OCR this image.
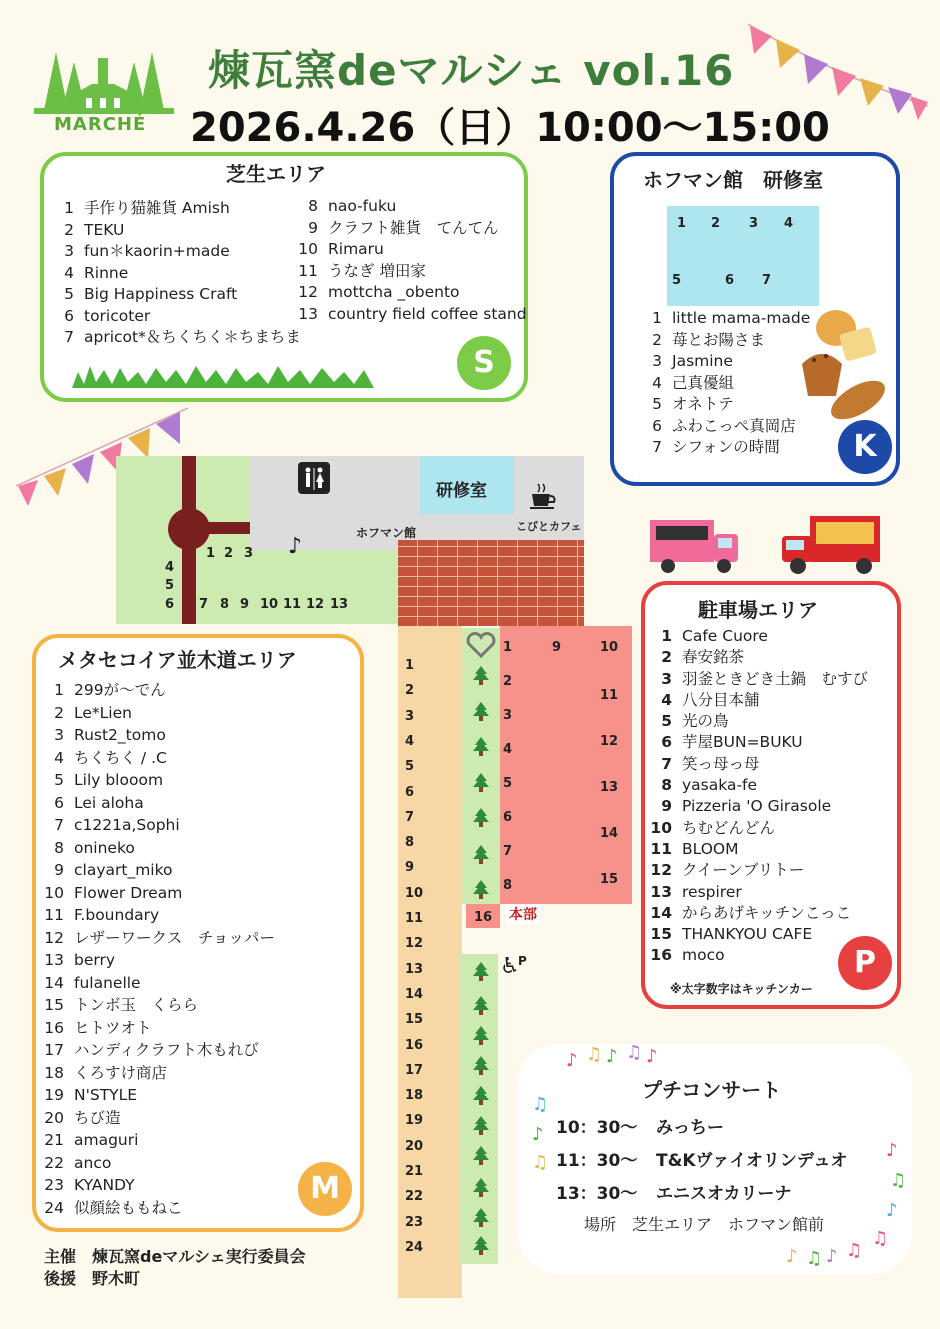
MARCHÉ
煉瓦窯deマルシェ vol.16
2026.4.26（日）10:00〜15:00
芝生エリア
1 手作り猫雑貨 Amish
2 TEKU
3 fun＊kaorin+made
4 Rinne
5 Big Happiness Craft
6 toricoter
7 apricot*＆ちくちく＊ちまちま
8 nao-fuku
9 クラフト雑貨　てんてん
10 Rimaru
11 うなぎ 増田家
12 mottcha _obento
13 country field coffee stand
S
ホフマン館　研修室
1 2 3 4
5	6 7
1 little mama-made
2 苺とお陽さま
3 Jasmine
4 己真優組
5 オネトテ
6 ふわこっぺ真岡店
7 シフォンの時間	K
研修室
こびとカフェ
ホフマン館
1 2 3 ♪
4
5
6 7 8 9 10 11 12 13
1
2
3
4
5
6
7
8
9
10
11
12
13
14
15
16
17
18
19
20
21
22
23
24
1
2
3
4
5
6
7
8
9	10
11
12
13
14
15
16 本部
♿
P
駐車場エリア
1 Cafe Cuore
2 春安銘茶
3 羽釜ときどき土鍋　むすび
4 八分目本舗
5 光の鳥
6 芋屋BUN=BUKU
7 笑っ母っ母
8 yasaka-fe
9 Pizzeria 'O Girasole
10 ちむどんどん
11 BLOOM
12 クイーンブリトー
13 respirer
14 からあげキッチンこっこ
15 THANKYOU CAFE
16 moco
※太字数字はキッチンカー
P
メタセコイア並木道エリア
1 299が〜でん
2 Le*Lien
3 Rust2_tomo
4 ちくちく / .C
5 Lily blooom
6 Lei aloha
7 c1221a,Sophi
8 onineko
9 clayart_miko
10 Flower Dream
11 F.boundary
12 レザーワークス　チョッパー
13 berry
14 fulanelle
15 トンボ玉　くらら
16 ヒトツオト
17 ハンディクラフト木もれび
18 くろすけ商店
19 N'STYLE
20 ちび造
21 amaguri
22 anco
23 KYANDY
24 似顔絵ももねこ
M
主催　煉瓦窯deマルシェ実行委員会
後援　野木町
♪ ♫ ♪ ♫ ♪
♫
♪
♫
♪
♫
♪
♫
♪ ♫ ♪ ♫
プチコンサート
10：30〜 みっちー
11：30〜 T&Kヴァイオリンデュオ
13：30〜 エニスオカリーナ
場所　芝生エリア　ホフマン館前
